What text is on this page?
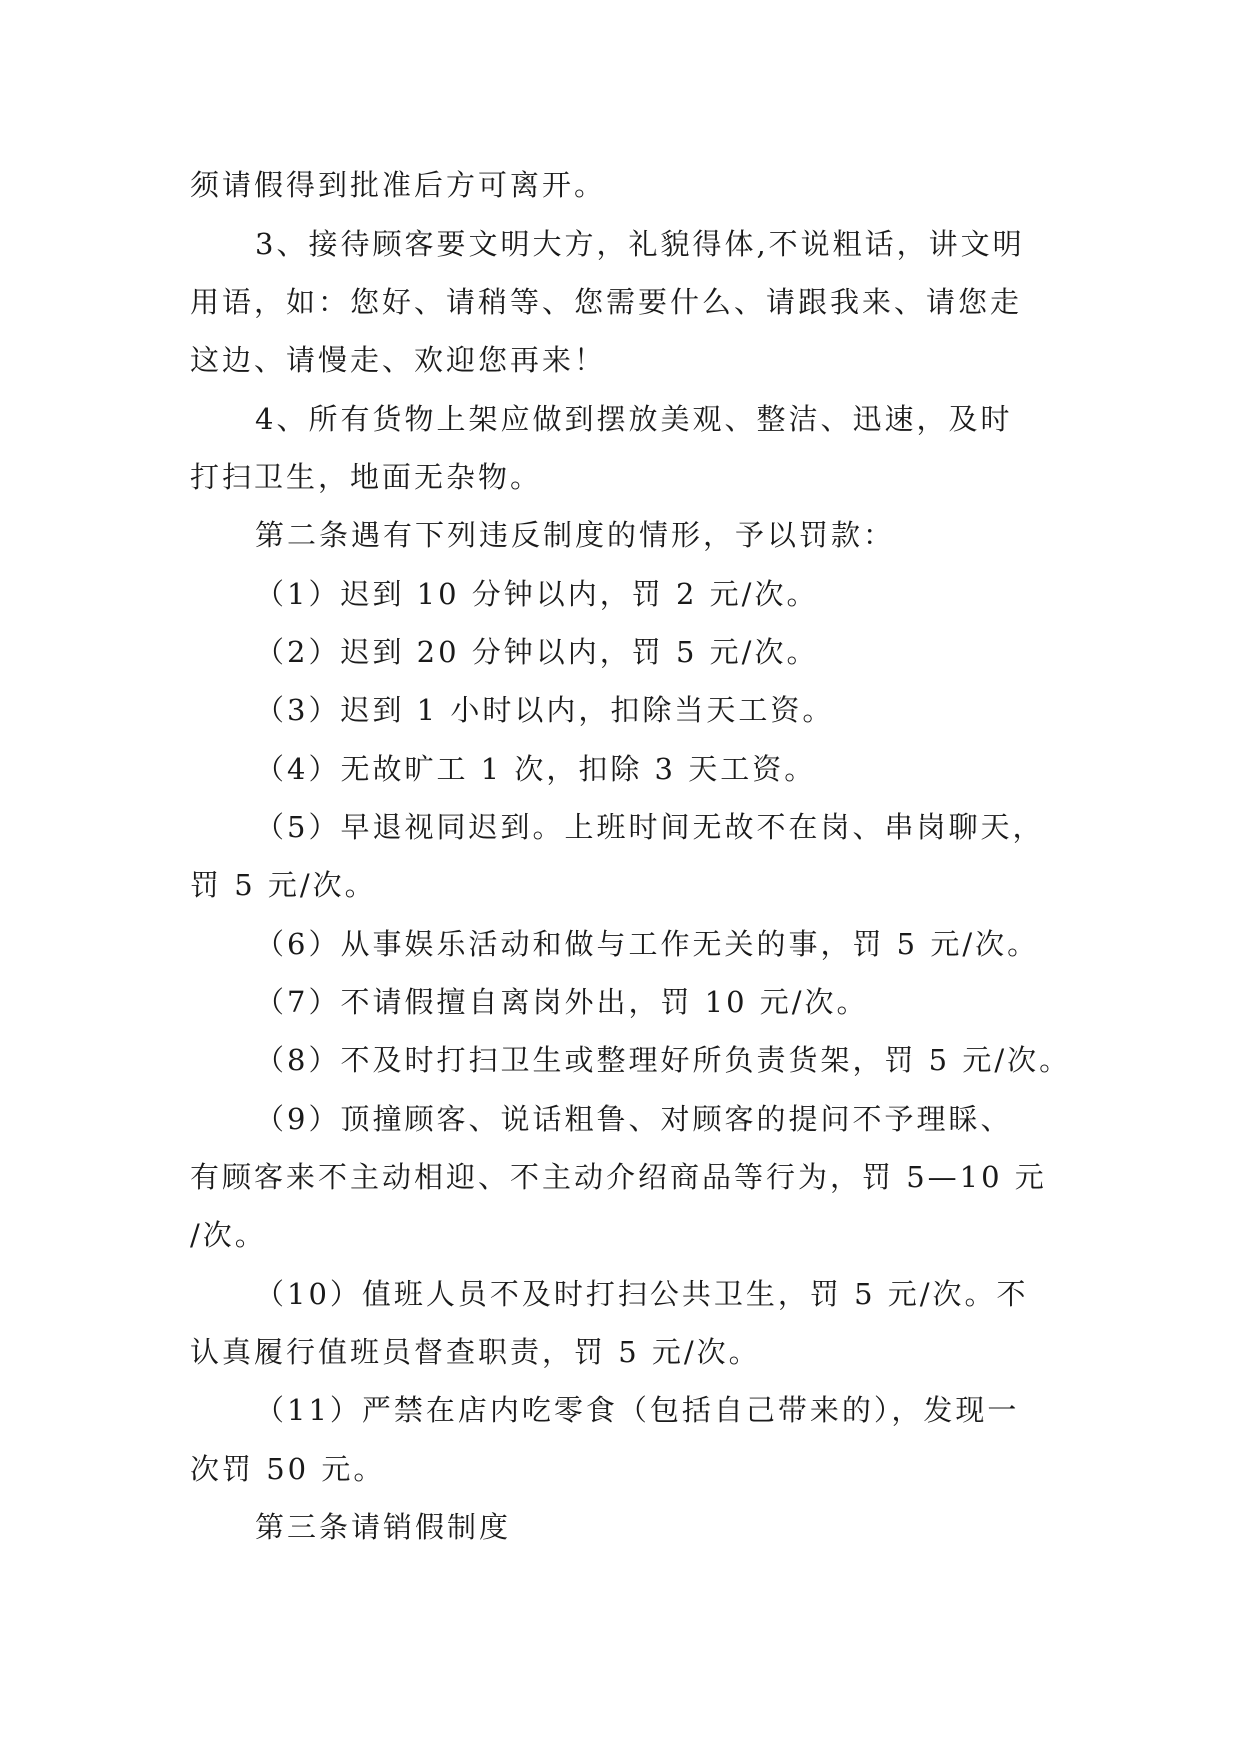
须请假得到批准后方可离开。
3、接待顾客要文明大方，礼貌得体,不说粗话，讲文明
用语，如：您好、请稍等、您需要什么、请跟我来、请您走
这边、请慢走、欢迎您再来！
4、所有货物上架应做到摆放美观、整洁、迅速，及时
打扫卫生，地面无杂物。
第二条遇有下列违反制度的情形，予以罚款：
（1）迟到 10 分钟以内，罚 2 元/次。
（2）迟到 20 分钟以内，罚 5 元/次。
（3）迟到 1 小时以内，扣除当天工资。
（4）无故旷工 1 次，扣除 3 天工资。
（5）早退视同迟到。上班时间无故不在岗、串岗聊天，
罚 5 元/次。
（6）从事娱乐活动和做与工作无关的事，罚 5 元/次。
（7）不请假擅自离岗外出，罚 10 元/次。
（8）不及时打扫卫生或整理好所负责货架，罚 5 元/次。
（9）顶撞顾客、说话粗鲁、对顾客的提问不予理睬、
有顾客来不主动相迎、不主动介绍商品等行为，罚 5—10 元
/次。
（10）值班人员不及时打扫公共卫生，罚 5 元/次。不
认真履行值班员督查职责，罚 5 元/次。
（11）严禁在店内吃零食（包括自己带来的），发现一
次罚 50 元。
第三条请销假制度
